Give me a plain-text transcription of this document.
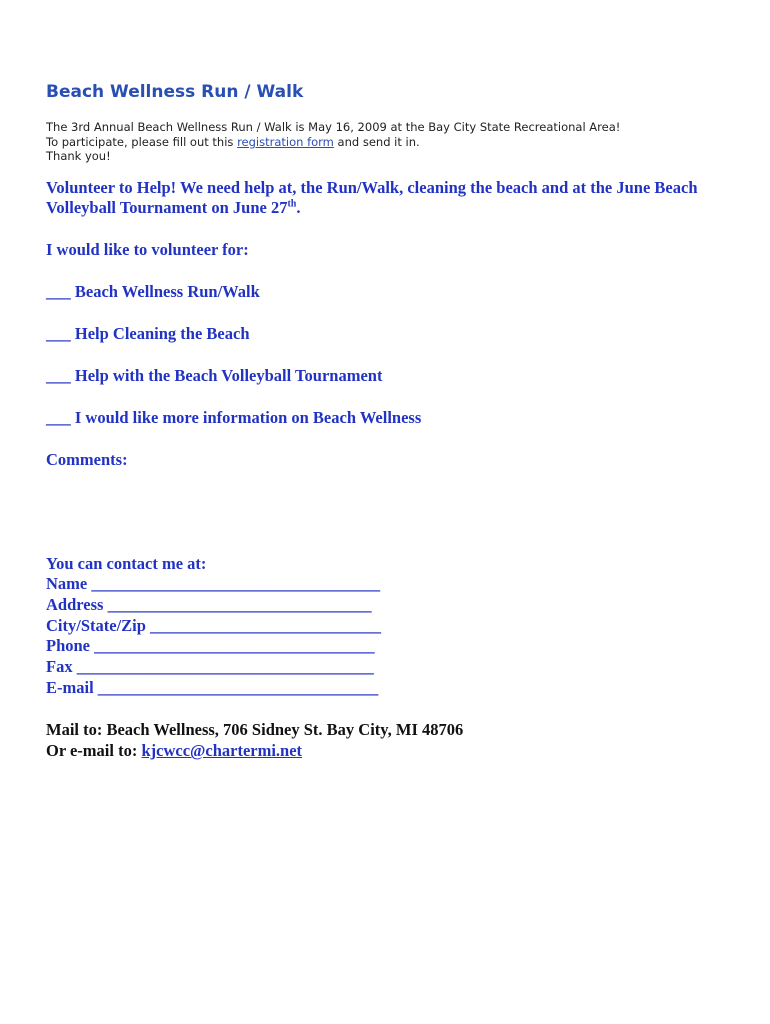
Beach Wellness Run / Walk
The 3rd Annual Beach Wellness Run / Walk is May 16, 2009 at the Bay City State Recreational Area!
To participate, please fill out this registration form and send it in.
Thank you!
Volunteer to Help! We need help at, the Run/Walk, cleaning the beach and at the June Beach Volleyball Tournament on June 27th.
I would like to volunteer for:
___ Beach Wellness Run/Walk
___ Help Cleaning the Beach
___ Help with the Beach Volleyball Tournament
___ I would like more information on Beach Wellness
Comments:
You can contact me at:
Name ___________________________________
Address ________________________________
City/State/Zip ____________________________
Phone __________________________________
Fax ____________________________________
E-mail __________________________________
Mail to: Beach Wellness, 706 Sidney St. Bay City, MI 48706
Or e-mail to: kjcwcc@chartermi.net
